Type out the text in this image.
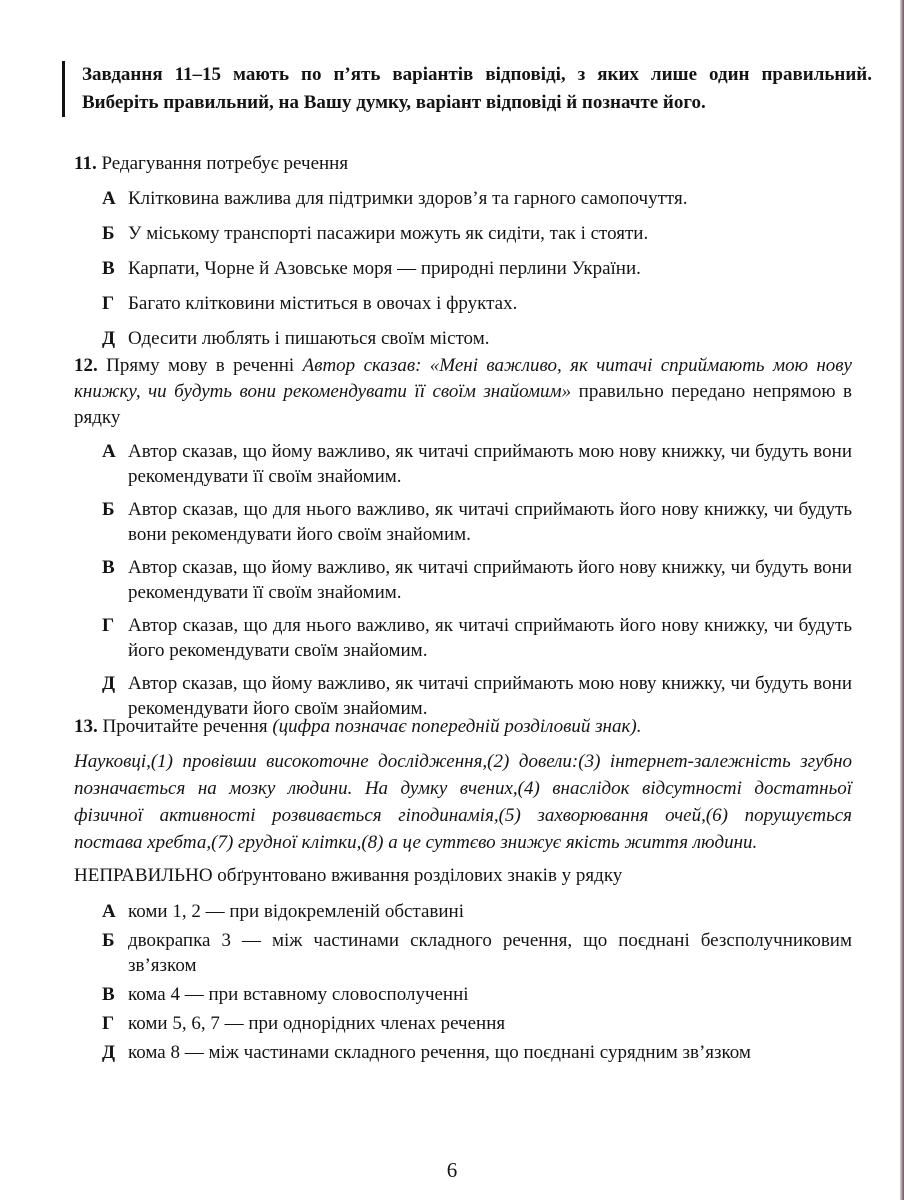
Завдання 11–15 мають по п’ять варіантів відповіді, з яких лише один правильний. Виберіть правильний, на Вашу думку, варіант відповіді й позначте його.
11. Редагування потребує речення
А Клітковина важлива для підтримки здоров’я та гарного самопочуття.
Б У міському транспорті пасажири можуть як сидіти, так і стояти.
В Карпати, Чорне й Азовське моря — природні перлини України.
Г Багато клітковини міститься в овочах і фруктах.
Д Одесити люблять і пишаються своїм містом.
12. Пряму мову в реченні Автор сказав: «Мені важливо, як читачі сприймають мою нову книжку, чи будуть вони рекомендувати її своїм знайомим» правильно передано непрямою в рядку
А Автор сказав, що йому важливо, як читачі сприймають мою нову книжку, чи будуть вони рекомендувати її своїм знайомим.
Б Автор сказав, що для нього важливо, як читачі сприймають його нову книжку, чи будуть вони рекомендувати його своїм знайомим.
В Автор сказав, що йому важливо, як читачі сприймають його нову книжку, чи будуть вони рекомендувати її своїм знайомим.
Г Автор сказав, що для нього важливо, як читачі сприймають його нову книжку, чи будуть його рекомендувати своїм знайомим.
Д Автор сказав, що йому важливо, як читачі сприймають мою нову книжку, чи будуть вони рекомендувати його своїм знайомим.
13. Прочитайте речення (цифра позначає попередній розділовий знак).
Науковці,(1) провівши високоточне дослідження,(2) довели:(3) інтернет-залежність згубно позначається на мозку людини. На думку вчених,(4) внаслідок відсутності достатньої фізичної активності розвивається гіподинамія,(5) захворювання очей,(6) порушується постава хребта,(7) грудної клітки,(8) а це суттєво знижує якість життя людини.
НЕПРАВИЛЬНО обґрунтовано вживання розділових знаків у рядку
А коми 1, 2 — при відокремленій обставині
Б двокрапка 3 — між частинами складного речення, що поєднані безсполучниковим зв’язком
В кома 4 — при вставному словосполученні
Г коми 5, 6, 7 — при однорідних членах речення
Д кома 8 — між частинами складного речення, що поєднані сурядним зв’язком
6
